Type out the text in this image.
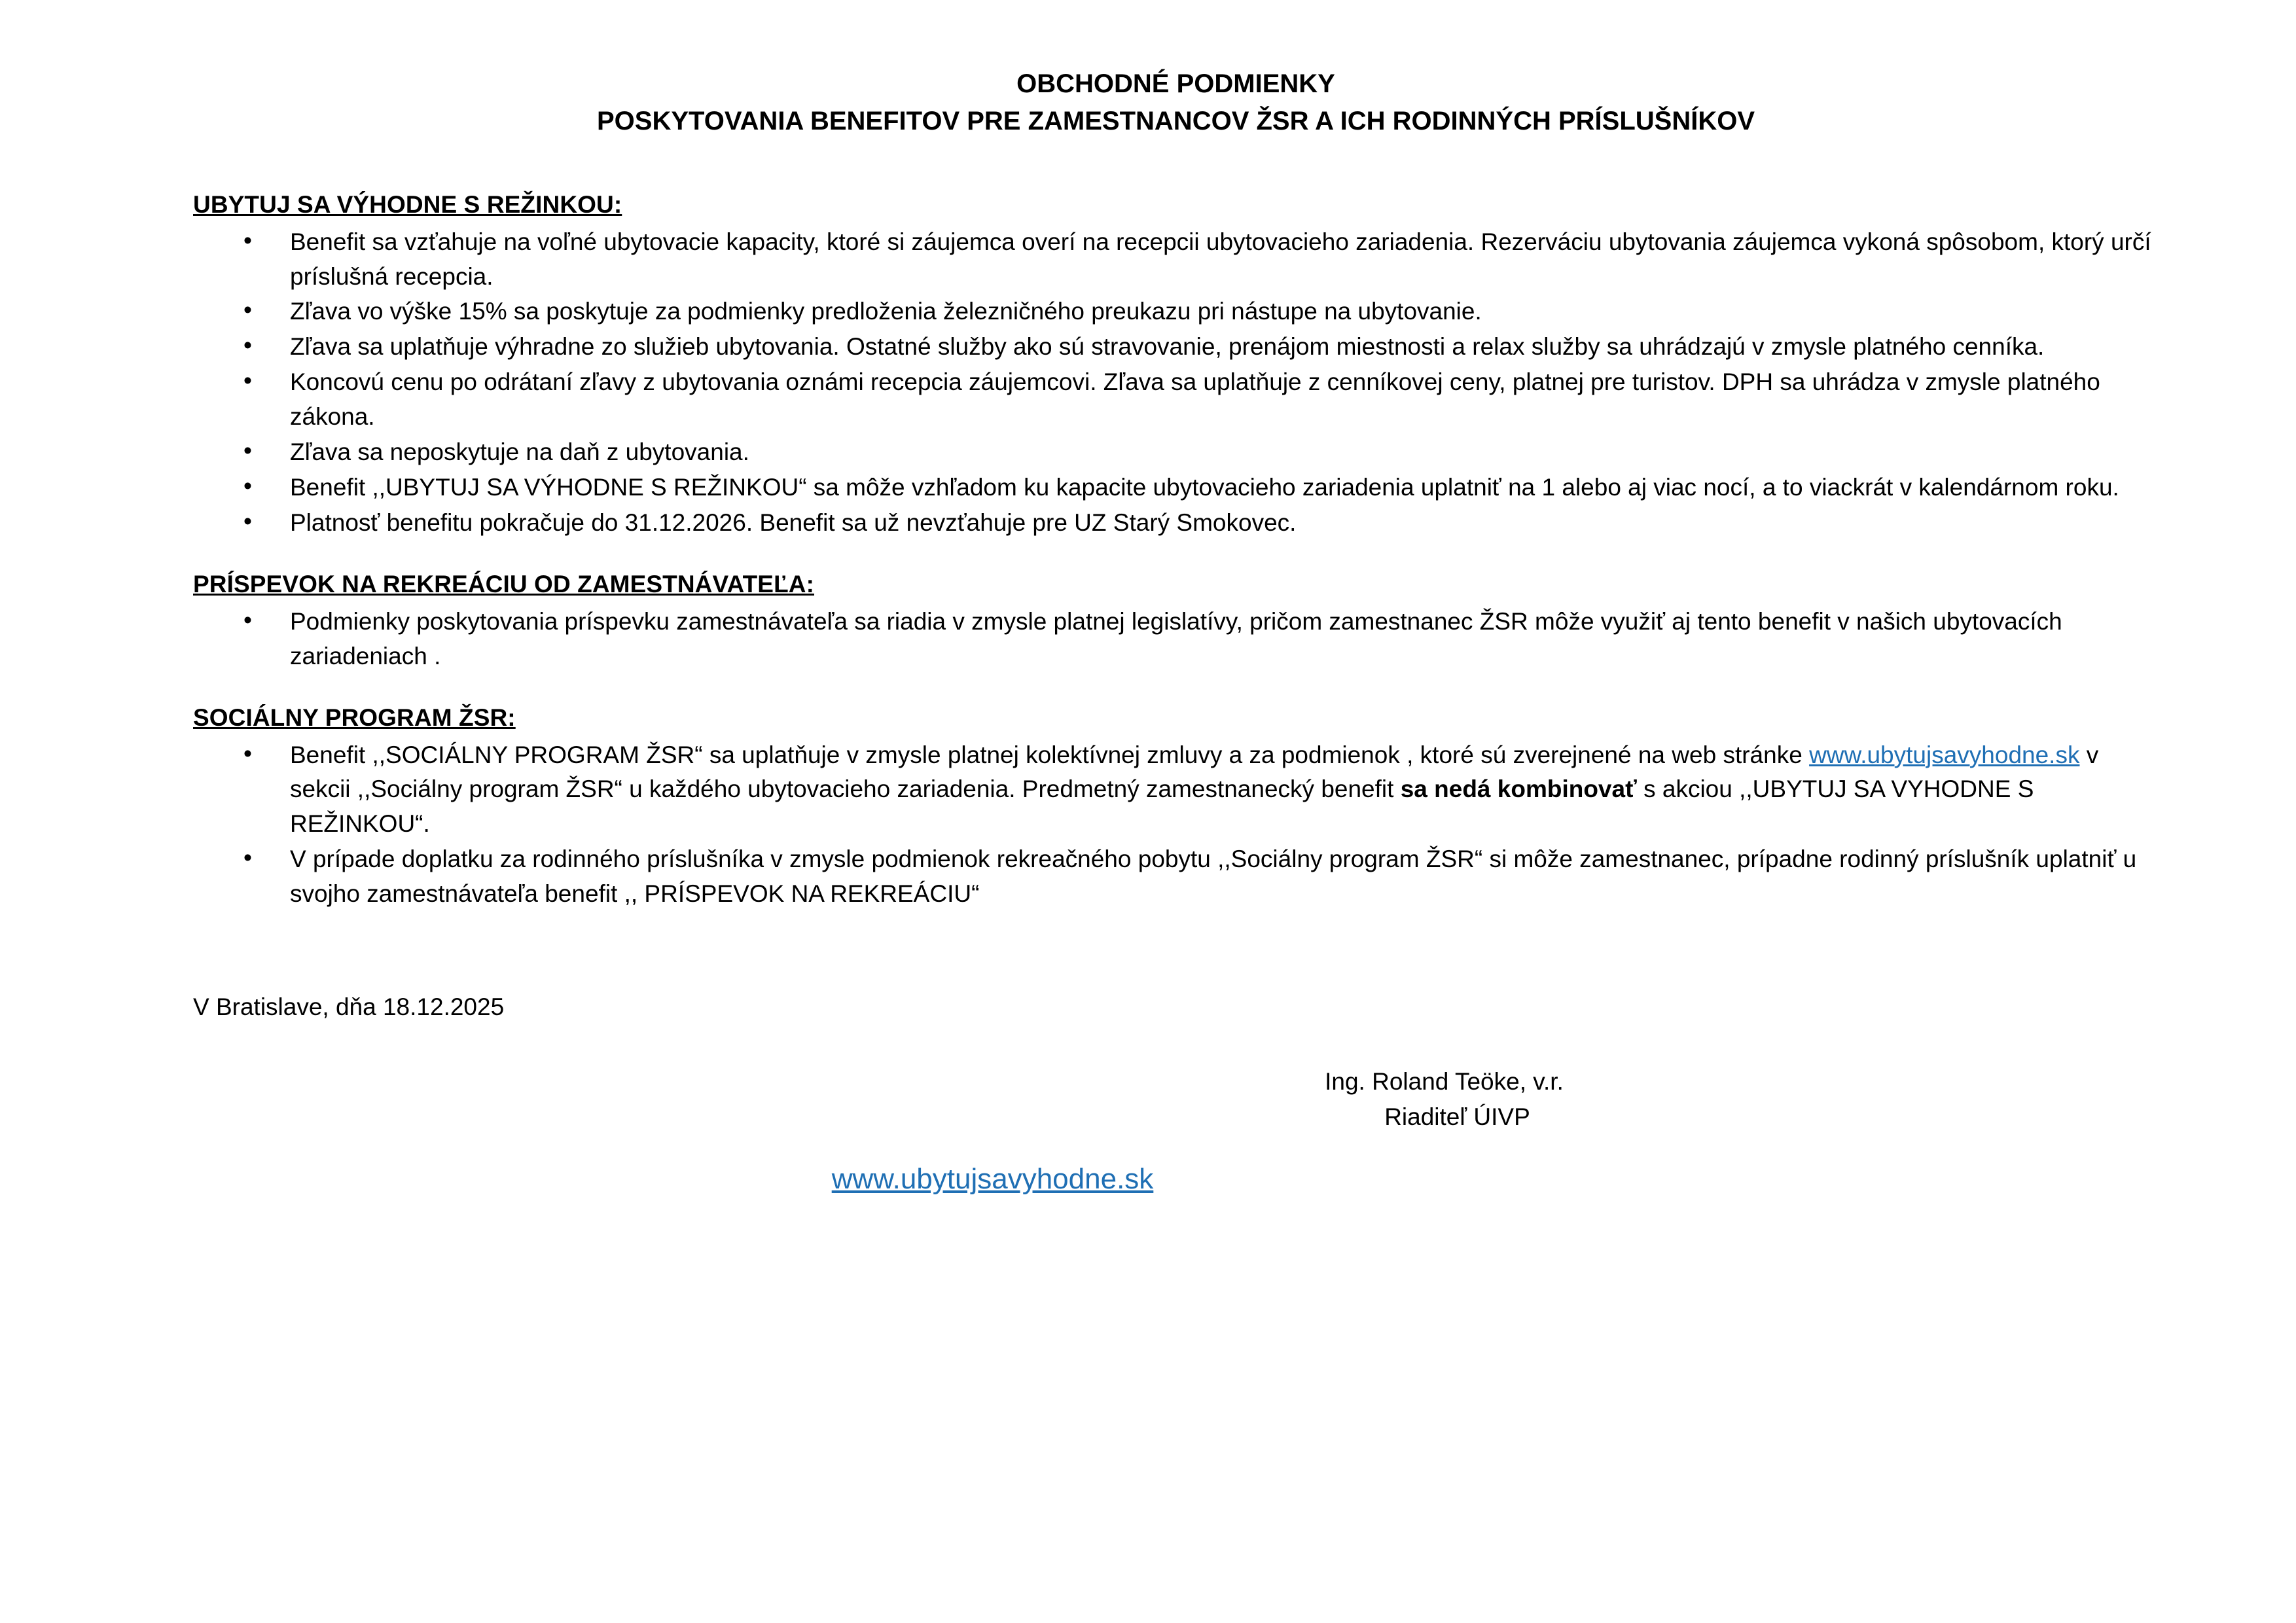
OBCHODNÉ PODMIENKY
POSKYTOVANIA BENEFITOV PRE ZAMESTNANCOV ŽSR A ICH RODINNÝCH PRÍSLUŠNÍKOV
UBYTUJ SA VÝHODNE S REŽINKOU:
• Benefit sa vzťahuje na voľné ubytovacie kapacity, ktoré si záujemca overí na recepcii ubytovacieho zariadenia. Rezerváciu ubytovania záujemca vykoná spôsobom, ktorý určí príslušná recepcia.
• Zľava vo výške 15% sa poskytuje za podmienky predloženia železničného preukazu pri nástupe na ubytovanie.
• Zľava sa uplatňuje výhradne zo služieb ubytovania. Ostatné služby ako sú stravovanie, prenájom miestnosti a relax služby sa uhrádzajú v zmysle platného cenníka.
• Koncovú cenu po odrátaní zľavy z ubytovania oznámi recepcia záujemcovi. Zľava sa uplatňuje z cenníkovej ceny, platnej pre turistov. DPH sa uhrádza v zmysle platného zákona.
• Zľava sa neposkytuje na daň z ubytovania.
• Benefit ,,UBYTUJ SA VÝHODNE S REŽINKOU“ sa môže vzhľadom ku kapacite ubytovacieho zariadenia uplatniť na 1 alebo aj viac nocí, a to viackrát v kalendárnom roku.
• Platnosť benefitu pokračuje do 31.12.2026. Benefit sa už nevzťahuje pre UZ Starý Smokovec.
PRÍSPEVOK NA REKREÁCIU OD ZAMESTNÁVATEĽA:
• Podmienky poskytovania príspevku zamestnávateľa sa riadia v zmysle platnej legislatívy, pričom zamestnanec ŽSR môže využiť aj tento benefit v našich ubytovacích zariadeniach .
SOCIÁLNY PROGRAM ŽSR:
• Benefit ,,SOCIÁLNY PROGRAM ŽSR“ sa uplatňuje v zmysle platnej kolektívnej zmluvy a za podmienok , ktoré sú zverejnené na web stránke www.ubytujsavyhodne.sk v sekcii ,,Sociálny program ŽSR“ u každého ubytovacieho zariadenia. Predmetný zamestnanecký benefit sa nedá kombinovať s akciou ,,UBYTUJ SA VYHODNE S REŽINKOU“.
• V prípade doplatku za rodinného príslušníka v zmysle podmienok rekreačného pobytu ,,Sociálny program ŽSR“ si môže zamestnanec, prípadne rodinný príslušník uplatniť u svojho zamestnávateľa benefit ,, PRÍSPEVOK NA REKREÁCIU“

V Bratislave, dňa 18.12.2025

Ing. Roland Teöke, v.r.
Riaditeľ ÚIVP
www.ubytujsavyhodne.sk
